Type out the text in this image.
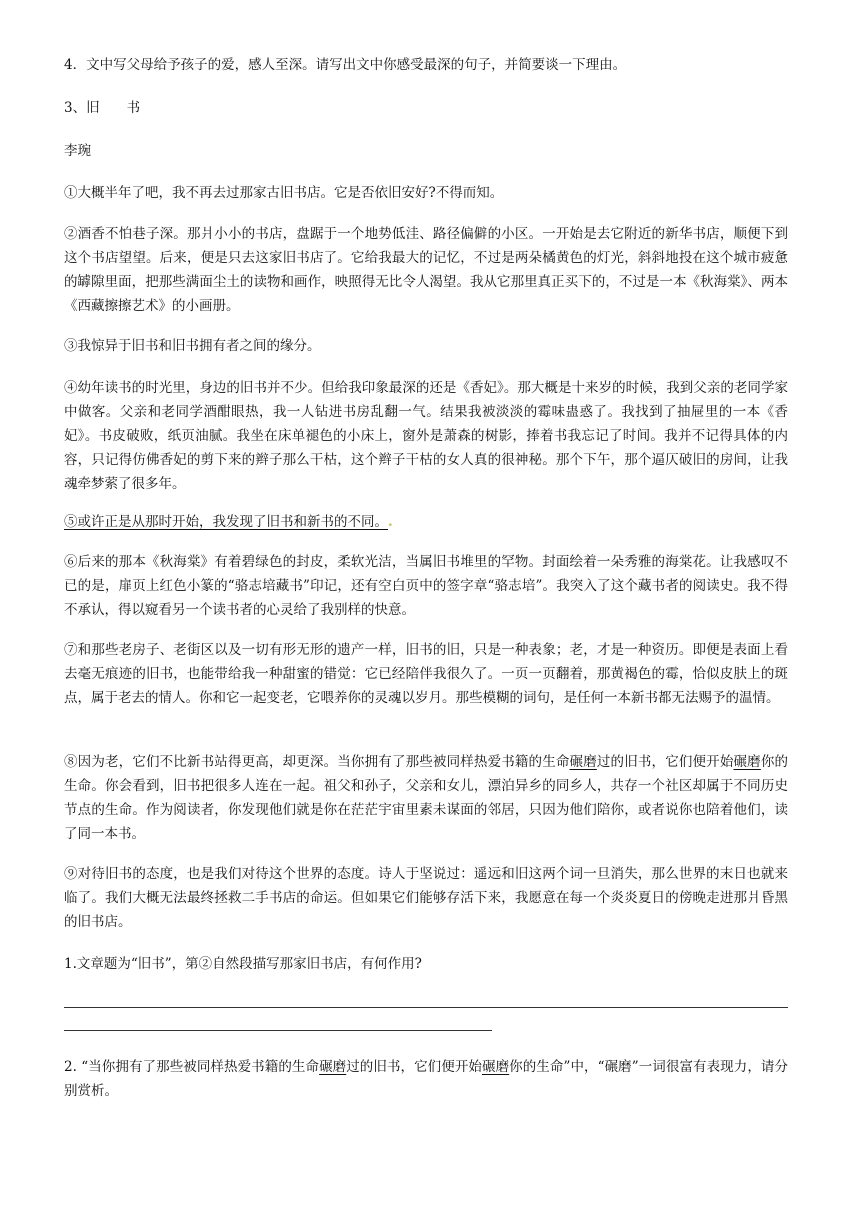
4．文中写父母给予孩子的爱，感人至深。请写出文中你感受最深的句子，并简要谈一下理由。
3、旧　　书
李琬
①大概半年了吧，我不再去过那家古旧书店。它是否依旧安好?不得而知。
②酒香不怕巷子深。那爿小小的书店，盘踞于一个地势低洼、路径偏僻的小区。一开始是去它附近的新华书店，顺便下到这个书店望望。后来，便是只去这家旧书店了。它给我最大的记忆，不过是两朵橘黄色的灯光，斜斜地投在这个城市疲惫的罅隙里面，把那些满面尘土的读物和画作，映照得无比令人渴望。我从它那里真正买下的，不过是一本《秋海棠》、两本《西藏擦擦艺术》的小画册。
③我惊异于旧书和旧书拥有者之间的缘分。
④幼年读书的时光里，身边的旧书并不少。但给我印象最深的还是《香妃》。那大概是十来岁的时候，我到父亲的老同学家中做客。父亲和老同学酒酣眼热，我一人钻进书房乱翻一气。结果我被淡淡的霉味蛊惑了。我找到了抽屉里的一本《香妃》。书皮破败，纸页油腻。我坐在床单褪色的小床上，窗外是萧森的树影，捧着书我忘记了时间。我并不记得具体的内容，只记得仿佛香妃的剪下来的辫子那么干枯，这个辫子干枯的女人真的很神秘。那个下午，那个逼仄破旧的房间，让我魂牵梦萦了很多年。
⑤或许正是从那时开始，我发现了旧书和新书的不同。.
⑥后来的那本《秋海棠》有着碧绿色的封皮，柔软光洁，当属旧书堆里的罕物。封面绘着一朵秀雅的海棠花。让我感叹不已的是，扉页上红色小篆的“骆志培藏书”印记，还有空白页中的签字章“骆志培”。我突入了这个藏书者的阅读史。我不得不承认，得以窥看另一个读书者的心灵给了我别样的快意。
⑦和那些老房子、老街区以及一切有形无形的遗产一样，旧书的旧，只是一种表象；老，才是一种资历。即便是表面上看去毫无痕迹的旧书，也能带给我一种甜蜜的错觉：它已经陪伴我很久了。一页一页翻着，那黄褐色的霉，恰似皮肤上的斑点，属于老去的情人。你和它一起变老，它喂养你的灵魂以岁月。那些模糊的词句，是任何一本新书都无法赐予的温情。
⑧因为老，它们不比新书站得更高，却更深。当你拥有了那些被同样热爱书籍的生命碾磨过的旧书，它们便开始碾磨你的生命。你会看到，旧书把很多人连在一起。祖父和孙子，父亲和女儿，漂泊异乡的同乡人，共存一个社区却属于不同历史节点的生命。作为阅读者，你发现他们就是你在茫茫宇宙里素未谋面的邻居，只因为他们陪你，或者说你也陪着他们，读了同一本书。
⑨对待旧书的态度，也是我们对待这个世界的态度。诗人于坚说过：遥远和旧这两个词一旦消失，那么世界的末日也就来临了。我们大概无法最终拯救二手书店的命运。但如果它们能够存活下来，我愿意在每一个炎炎夏日的傍晚走进那爿昏黑的旧书店。
1.文章题为“旧书”，第②自然段描写那家旧书店，有何作用?
2. “当你拥有了那些被同样热爱书籍的生命碾磨过的旧书，它们便开始碾磨你的生命”中，“碾磨”一词很富有表现力，请分别赏析。
